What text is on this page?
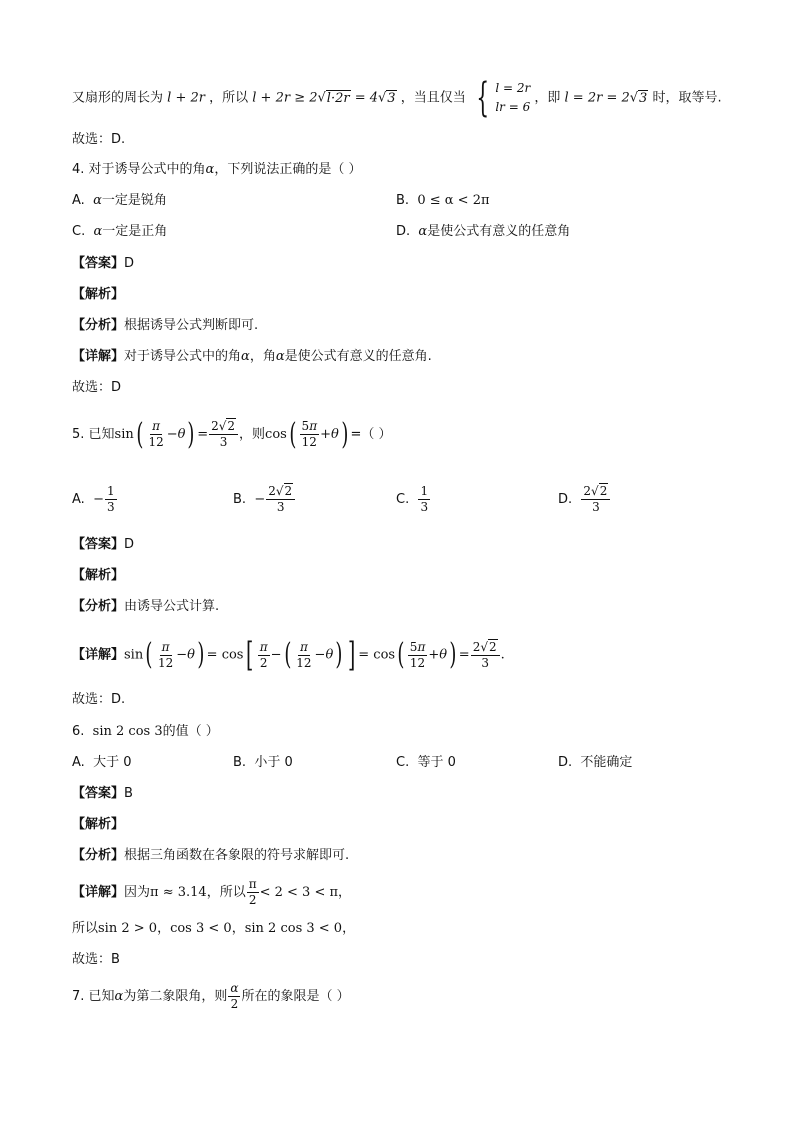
又扇形的周长为 l + 2r ，所以 l + 2r ≥ 2√l·2r = 4√3 ，当且仅当 { l = 2r
lr = 6
，即 l = 2r = 2√3 时，取等号.
故选：D.
4. 对于诱导公式中的角α，下列说法正确的是（ ）
A. α一定是锐角	B. 0 ≤ α < 2π
C. α一定是正角	D. α是使公式有意义的任意角
【答案】D
【解析】
【分析】根据诱导公式判断即可.
【详解】对于诱导公式中的角α，角α是使公式有意义的任意角.
故选：D
5. 已知$\sin( \frac{\pi}{12} -\theta) = \frac{2√2}{3}$ ，则$\cos( \frac{5\pi}{12} +\theta)$ =（ ）
A. − $\frac{1}{3}$	B. − $\frac{2√2}{3}$	C. $\frac{1}{3}$	D. $\frac{2√2}{3}$
【答案】D
【解析】
【分析】由诱导公式计算.
【详解】$\sin( \frac{\pi}{12} -\theta) = \cos[ \frac{\pi}{2}$ −( $\frac{\pi}{12} -\theta$) ] = $\cos( \frac{5\pi}{12} +\theta) = \frac{2√2}{3}$ .
故选：D.
6.  sin 2 cos 3的值（ ）
A. 大于 0	B. 小于 0	C. 等于 0	D. 不能确定
【答案】B
【解析】
【分析】根据三角函数在各象限的符号求解即可.
【详解】因为π ≈ 3.14，所以 $\frac{\pi}{2} < 2 < 3 < \pi$，
所以sin 2 > 0，cos 3 < 0，sin 2 cos 3 < 0，
故选：B
7. 已知α为第二象限角，则 $\frac{\alpha}{2}$ 所在的象限是（ ）
